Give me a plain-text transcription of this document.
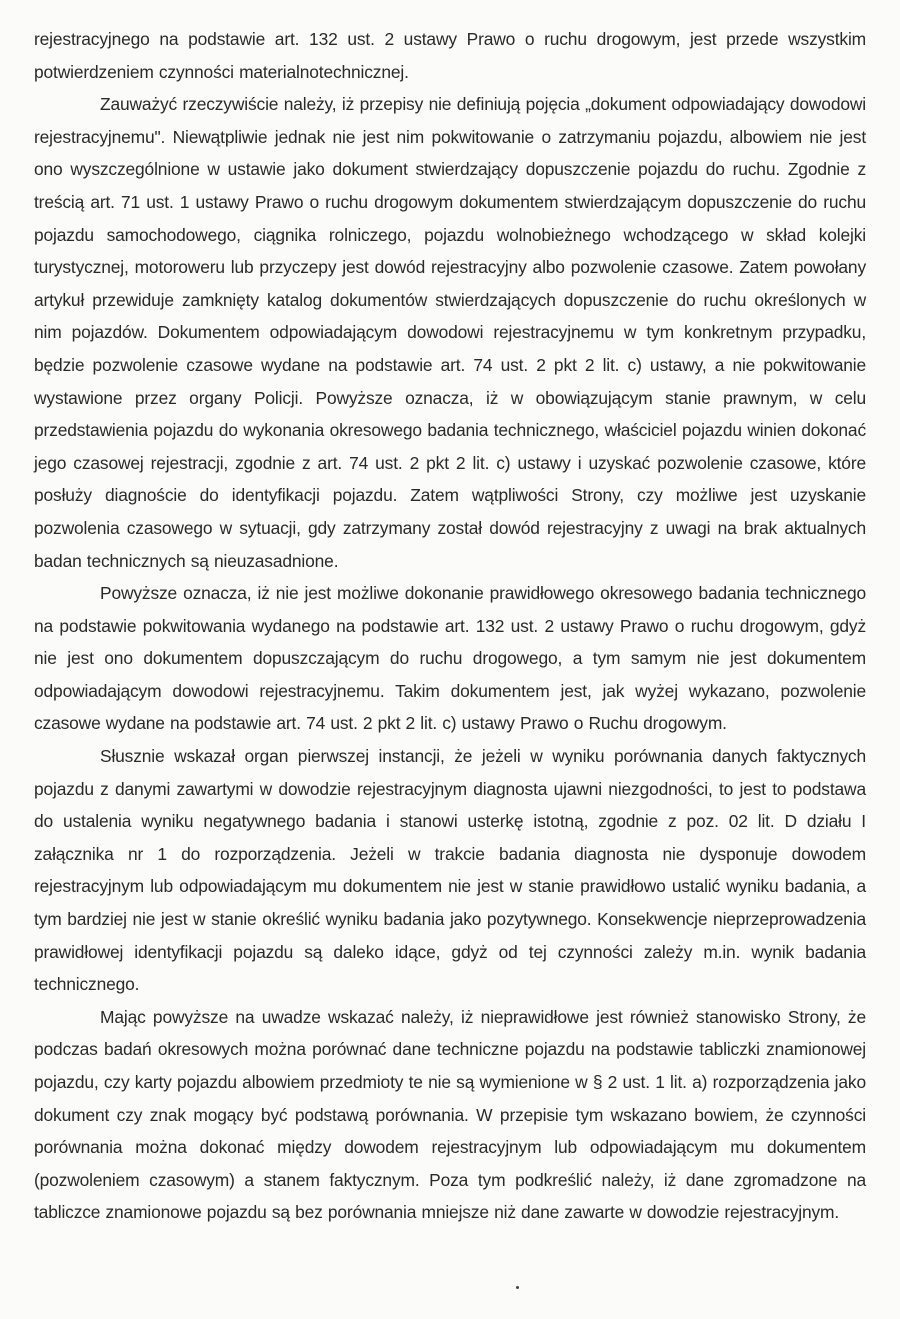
rejestracyjnego na podstawie art. 132 ust. 2 ustawy Prawo o ruchu drogowym, jest przede wszystkim potwierdzeniem czynności materialnotechnicznej.

Zauważyć rzeczywiście należy, iż przepisy nie definiują pojęcia „dokument odpowiadający dowodowi rejestracyjnemu". Niewątpliwie jednak nie jest nim pokwitowanie o zatrzymaniu pojazdu, albowiem nie jest ono wyszczególnione w ustawie jako dokument stwierdzający dopuszczenie pojazdu do ruchu. Zgodnie z treścią art. 71 ust. 1 ustawy Prawo o ruchu drogowym dokumentem stwierdzającym dopuszczenie do ruchu pojazdu samochodowego, ciągnika rolniczego, pojazdu wolnobieżnego wchodzącego w skład kolejki turystycznej, motoroweru lub przyczepy jest dowód rejestracyjny albo pozwolenie czasowe. Zatem powołany artykuł przewiduje zamknięty katalog dokumentów stwierdzających dopuszczenie do ruchu określonych w nim pojazdów. Dokumentem odpowiadającym dowodowi rejestracyjnemu w tym konkretnym przypadku, będzie pozwolenie czasowe wydane na podstawie art. 74 ust. 2 pkt 2 lit. c) ustawy, a nie pokwitowanie wystawione przez organy Policji. Powyższe oznacza, iż w obowiązującym stanie prawnym, w celu przedstawienia pojazdu do wykonania okresowego badania technicznego, właściciel pojazdu winien dokonać jego czasowej rejestracji, zgodnie z art. 74 ust. 2 pkt 2 lit. c) ustawy i uzyskać pozwolenie czasowe, które posłuży diagnoście do identyfikacji pojazdu. Zatem wątpliwości Strony, czy możliwe jest uzyskanie pozwolenia czasowego w sytuacji, gdy zatrzymany został dowód rejestracyjny z uwagi na brak aktualnych badan technicznych są nieuzasadnione.

Powyższe oznacza, iż nie jest możliwe dokonanie prawidłowego okresowego badania technicznego na podstawie pokwitowania wydanego na podstawie art. 132 ust. 2 ustawy Prawo o ruchu drogowym, gdyż nie jest ono dokumentem dopuszczającym do ruchu drogowego, a tym samym nie jest dokumentem odpowiadającym dowodowi rejestracyjnemu. Takim dokumentem jest, jak wyżej wykazano, pozwolenie czasowe wydane na podstawie art. 74 ust. 2 pkt 2 lit. c) ustawy Prawo o Ruchu drogowym.

Słusznie wskazał organ pierwszej instancji, że jeżeli w wyniku porównania danych faktycznych pojazdu z danymi zawartymi w dowodzie rejestracyjnym diagnosta ujawni niezgodności, to jest to podstawa do ustalenia wyniku negatywnego badania i stanowi usterkę istotną, zgodnie z poz. 02 lit. D działu I załącznika nr 1 do rozporządzenia. Jeżeli w trakcie badania diagnosta nie dysponuje dowodem rejestracyjnym lub odpowiadającym mu dokumentem nie jest w stanie prawidłowo ustalić wyniku badania, a tym bardziej nie jest w stanie określić wyniku badania jako pozytywnego. Konsekwencje nieprzeprowadzenia prawidłowej identyfikacji pojazdu są daleko idące, gdyż od tej czynności zależy m.in. wynik badania technicznego.

Mając powyższe na uwadze wskazać należy, iż nieprawidłowe jest również stanowisko Strony, że podczas badań okresowych można porównać dane techniczne pojazdu na podstawie tabliczki znamionowej pojazdu, czy karty pojazdu albowiem przedmioty te nie są wymienione w § 2 ust. 1 lit. a) rozporządzenia jako dokument czy znak mogący być podstawą porównania. W przepisie tym wskazano bowiem, że czynności porównania można dokonać między dowodem rejestracyjnym lub odpowiadającym mu dokumentem (pozwoleniem czasowym) a stanem faktycznym. Poza tym podkreślić należy, iż dane zgromadzone na tabliczce znamionowe pojazdu są bez porównania mniejsze niż dane zawarte w dowodzie rejestracyjnym.
